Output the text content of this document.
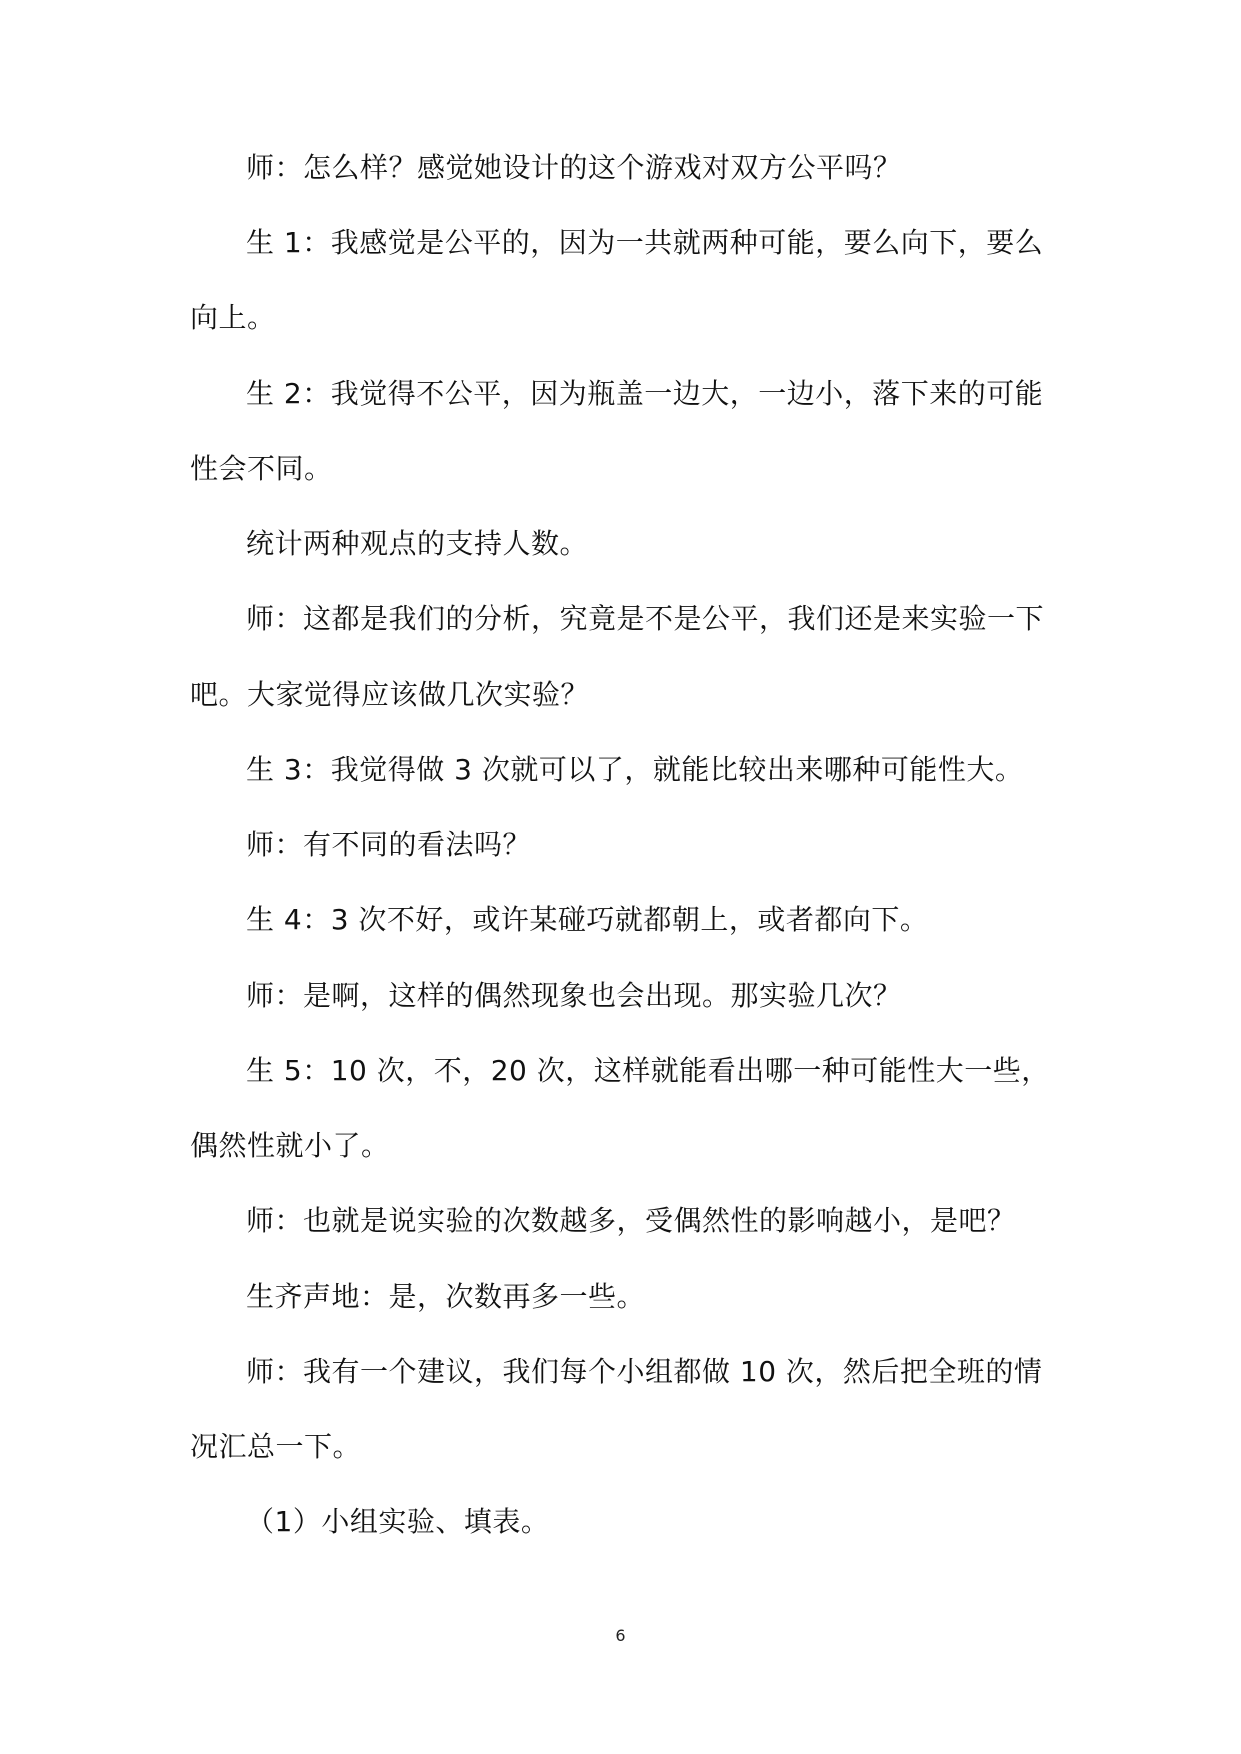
师：怎么样？感觉她设计的这个游戏对双方公平吗？
生 1：我感觉是公平的，因为一共就两种可能，要么向下，要么
向上。
生 2：我觉得不公平，因为瓶盖一边大，一边小，落下来的可能
性会不同。
统计两种观点的支持人数。
师：这都是我们的分析，究竟是不是公平，我们还是来实验一下
吧。大家觉得应该做几次实验？
生 3：我觉得做 3 次就可以了，就能比较出来哪种可能性大。
师：有不同的看法吗？
生 4：3 次不好，或许某碰巧就都朝上，或者都向下。
师：是啊，这样的偶然现象也会出现。那实验几次？
生 5：10 次，不，20 次，这样就能看出哪一种可能性大一些，
偶然性就小了。
师：也就是说实验的次数越多，受偶然性的影响越小，是吧？
生齐声地：是，次数再多一些。
师：我有一个建议，我们每个小组都做 10 次，然后把全班的情
况汇总一下。
（1）小组实验、填表。
6
